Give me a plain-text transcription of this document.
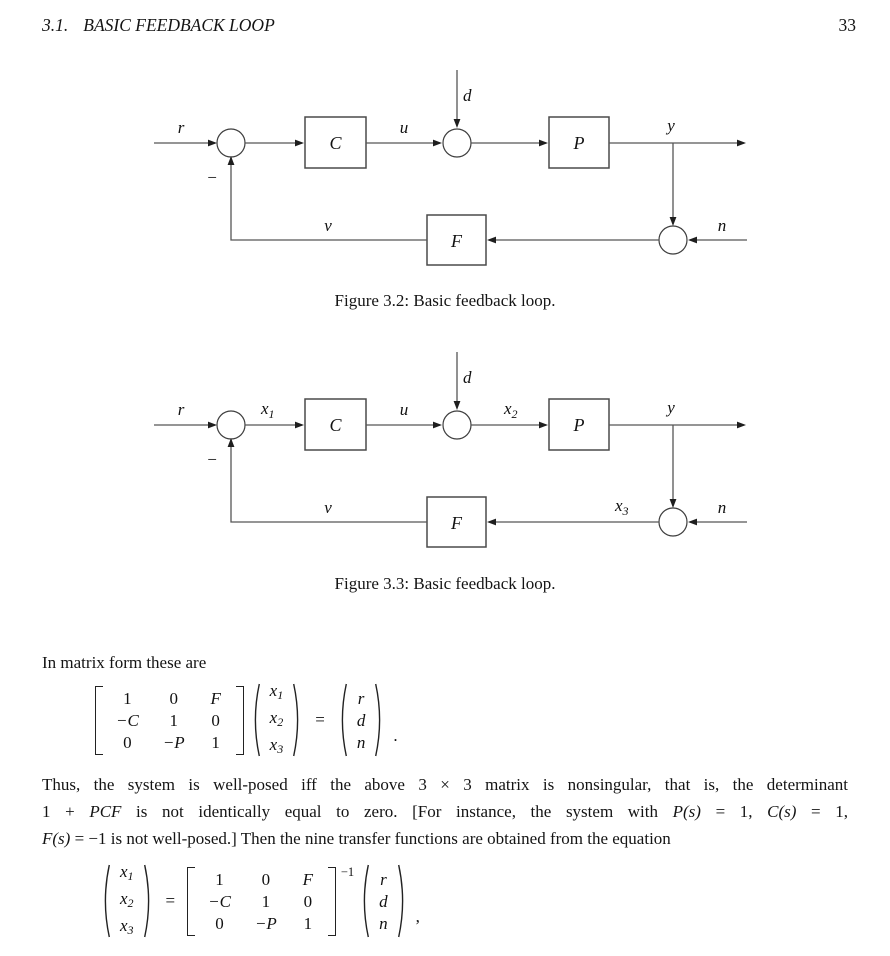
3.1. BASIC FEEDBACK LOOP	33
r
−
C
u
d
P
y
n
F
v
r
−
$x_1$
C
u
d
$x_2$
P
y
n
$x_3$
F
v
Figure 3.2: Basic feedback loop.
Figure 3.3: Basic feedback loop.
In matrix form these are
1 0 F
−C 1 0
0 −P 1
x1
x2
x3
=
r
d
n .
Thus, the system is well-posed iff the above 3 × 3 matrix is nonsingular, that is, the determinant
1 + PCF is not identically equal to zero. [For instance, the system with P(s) = 1, C(s) = 1,
F(s) = −1 is not well-posed.] Then the nine transfer functions are obtained from the equation
x1
x2
x3
=
1 0 F
−C 1 0
0 −P 1
−1 r
d
n ,
